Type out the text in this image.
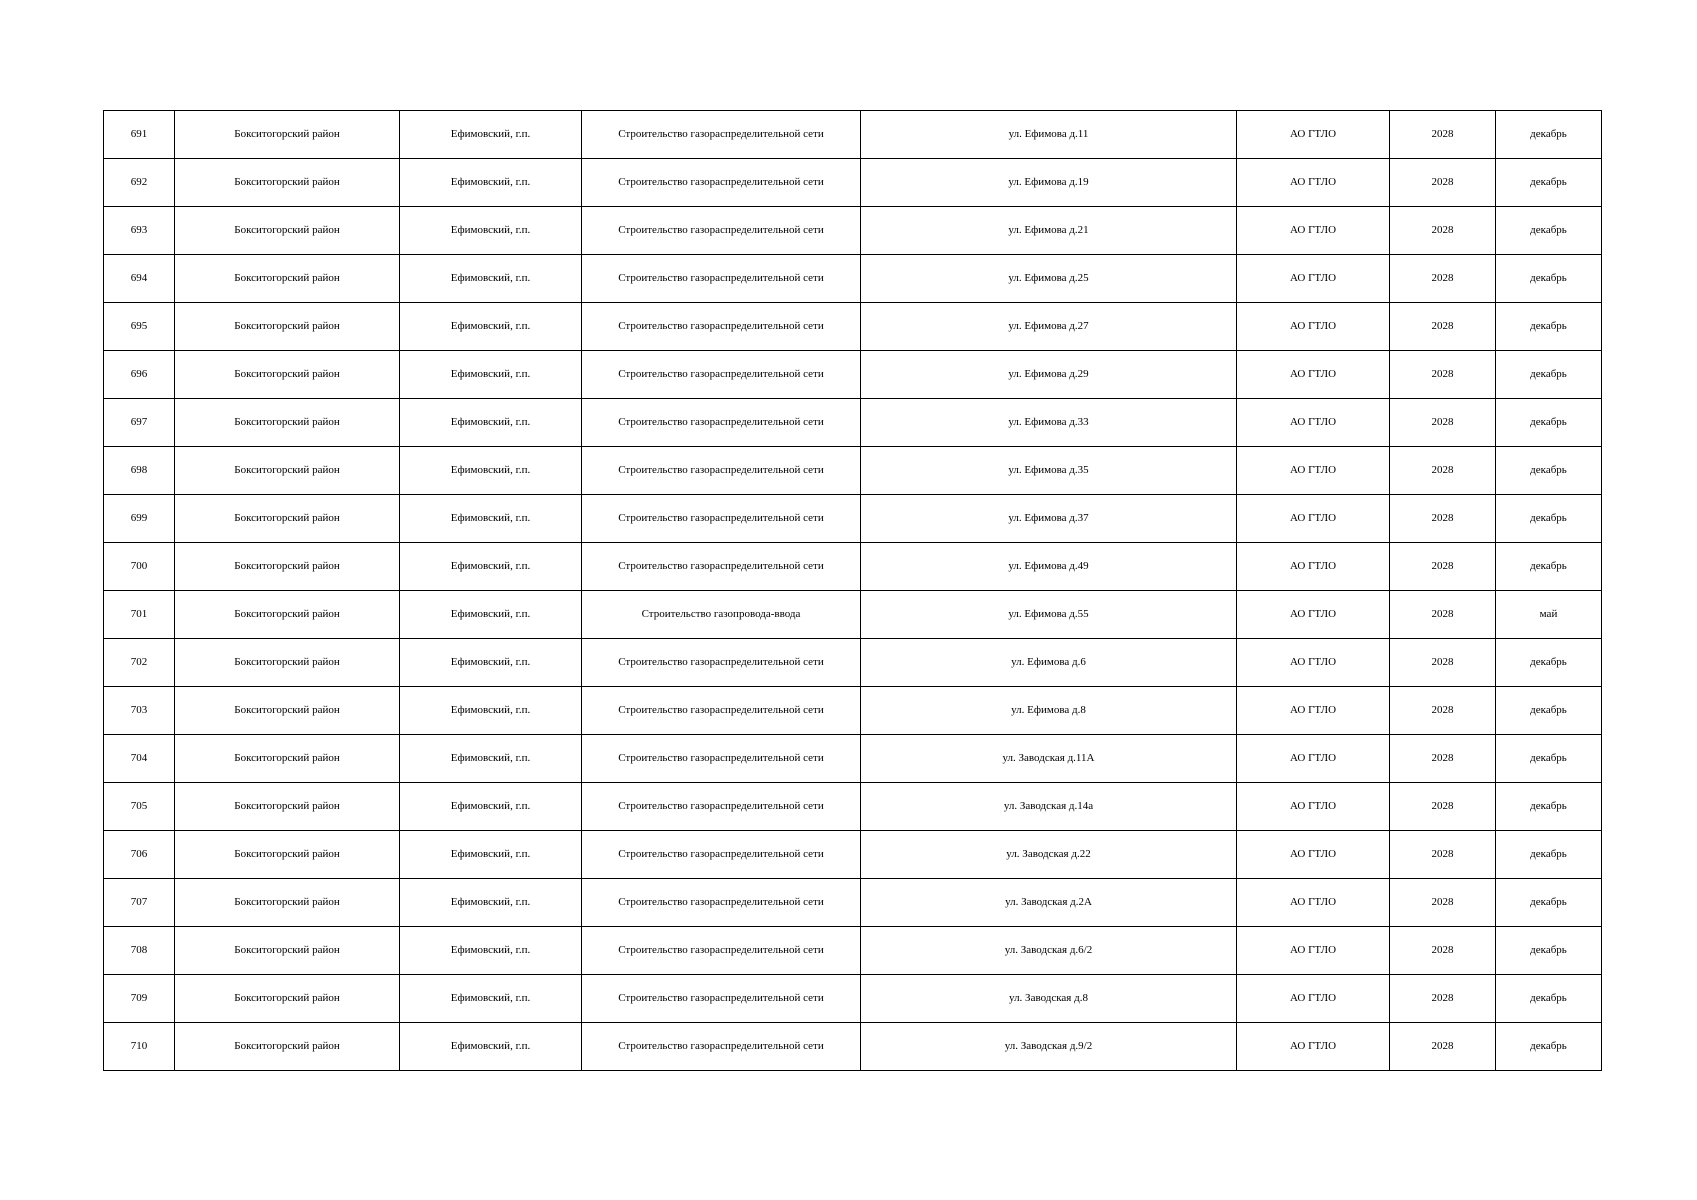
691	Бокситогорский район	Ефимовский, г.п.	Строительство газораспределительной сети	ул. Ефимова д.11	АО ГТЛО	2028	декабрь
692	Бокситогорский район	Ефимовский, г.п.	Строительство газораспределительной сети	ул. Ефимова д.19	АО ГТЛО	2028	декабрь
693	Бокситогорский район	Ефимовский, г.п.	Строительство газораспределительной сети	ул. Ефимова д.21	АО ГТЛО	2028	декабрь
694	Бокситогорский район	Ефимовский, г.п.	Строительство газораспределительной сети	ул. Ефимова д.25	АО ГТЛО	2028	декабрь
695	Бокситогорский район	Ефимовский, г.п.	Строительство газораспределительной сети	ул. Ефимова д.27	АО ГТЛО	2028	декабрь
696	Бокситогорский район	Ефимовский, г.п.	Строительство газораспределительной сети	ул. Ефимова д.29	АО ГТЛО	2028	декабрь
697	Бокситогорский район	Ефимовский, г.п.	Строительство газораспределительной сети	ул. Ефимова д.33	АО ГТЛО	2028	декабрь
698	Бокситогорский район	Ефимовский, г.п.	Строительство газораспределительной сети	ул. Ефимова д.35	АО ГТЛО	2028	декабрь
699	Бокситогорский район	Ефимовский, г.п.	Строительство газораспределительной сети	ул. Ефимова д.37	АО ГТЛО	2028	декабрь
700	Бокситогорский район	Ефимовский, г.п.	Строительство газораспределительной сети	ул. Ефимова д.49	АО ГТЛО	2028	декабрь
701	Бокситогорский район	Ефимовский, г.п.	Строительство газопровода-ввода	ул. Ефимова д.55	АО ГТЛО	2028	май
702	Бокситогорский район	Ефимовский, г.п.	Строительство газораспределительной сети	ул. Ефимова д.6	АО ГТЛО	2028	декабрь
703	Бокситогорский район	Ефимовский, г.п.	Строительство газораспределительной сети	ул. Ефимова д.8	АО ГТЛО	2028	декабрь
704	Бокситогорский район	Ефимовский, г.п.	Строительство газораспределительной сети	ул. Заводская д.11А	АО ГТЛО	2028	декабрь
705	Бокситогорский район	Ефимовский, г.п.	Строительство газораспределительной сети	ул. Заводская д.14а	АО ГТЛО	2028	декабрь
706	Бокситогорский район	Ефимовский, г.п.	Строительство газораспределительной сети	ул. Заводская д.22	АО ГТЛО	2028	декабрь
707	Бокситогорский район	Ефимовский, г.п.	Строительство газораспределительной сети	ул. Заводская д.2А	АО ГТЛО	2028	декабрь
708	Бокситогорский район	Ефимовский, г.п.	Строительство газораспределительной сети	ул. Заводская д.6/2	АО ГТЛО	2028	декабрь
709	Бокситогорский район	Ефимовский, г.п.	Строительство газораспределительной сети	ул. Заводская д.8	АО ГТЛО	2028	декабрь
710	Бокситогорский район	Ефимовский, г.п.	Строительство газораспределительной сети	ул. Заводская д.9/2	АО ГТЛО	2028	декабрь
